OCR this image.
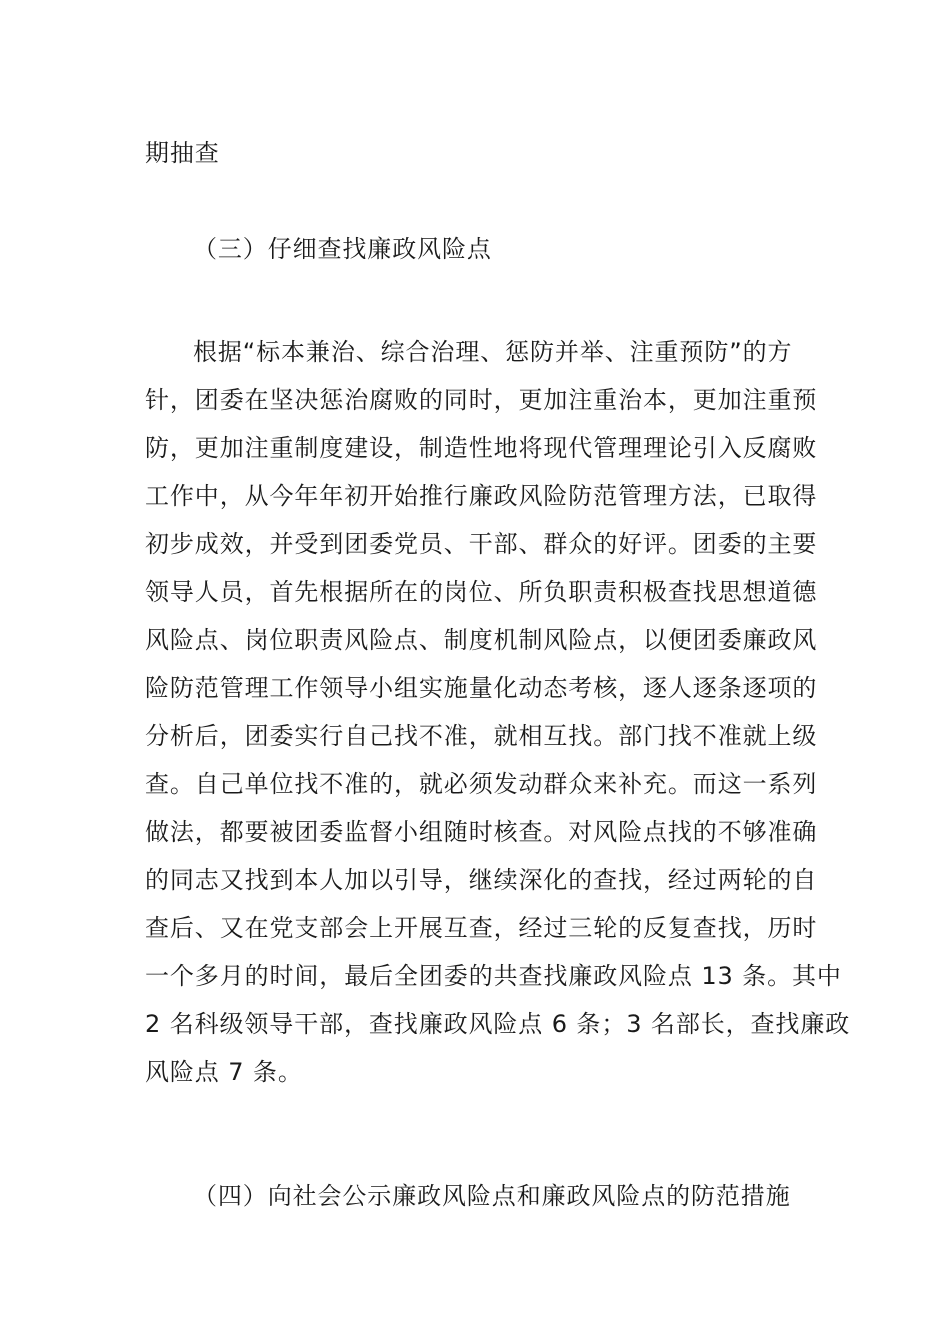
期抽查
（三）仔细查找廉政风险点
根据“标本兼治、综合治理、惩防并举、注重预防”的方
针，团委在坚决惩治腐败的同时，更加注重治本，更加注重预
防，更加注重制度建设，制造性地将现代管理理论引入反腐败
工作中，从今年年初开始推行廉政风险防范管理方法，已取得
初步成效，并受到团委党员、干部、群众的好评。团委的主要
领导人员，首先根据所在的岗位、所负职责积极查找思想道德
风险点、岗位职责风险点、制度机制风险点，以便团委廉政风
险防范管理工作领导小组实施量化动态考核，逐人逐条逐项的
分析后，团委实行自己找不准，就相互找。部门找不准就上级
查。自己单位找不准的，就必须发动群众来补充。而这一系列
做法，都要被团委监督小组随时核查。对风险点找的不够准确
的同志又找到本人加以引导，继续深化的查找，经过两轮的自
查后、又在党支部会上开展互查，经过三轮的反复查找，历时
一个多月的时间，最后全团委的共查找廉政风险点 13 条。其中
2 名科级领导干部，查找廉政风险点 6 条；3 名部长，查找廉政
风险点 7 条。
（四）向社会公示廉政风险点和廉政风险点的防范措施
